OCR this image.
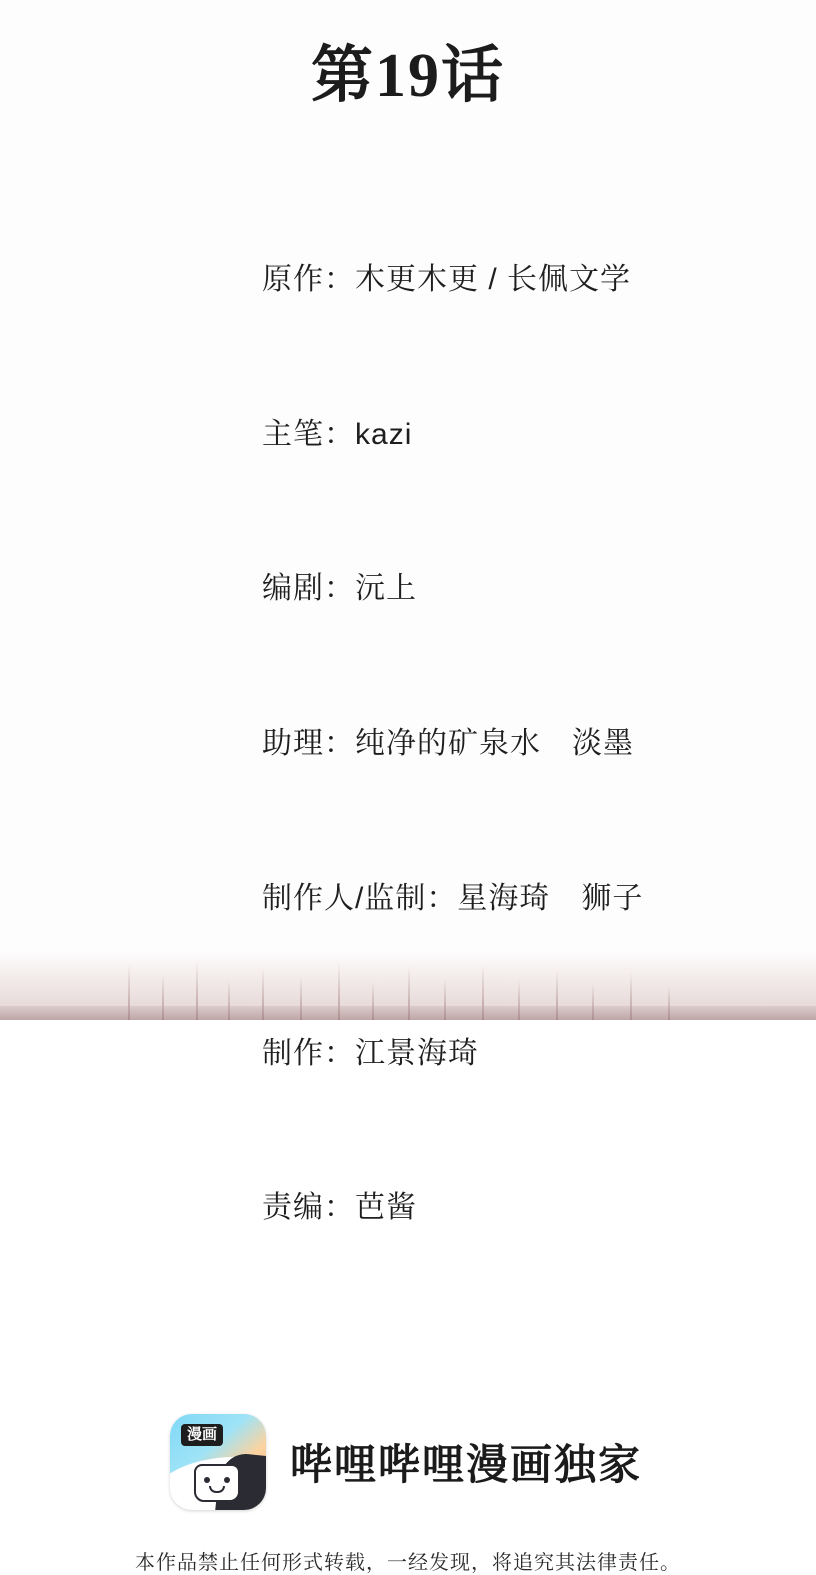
第19话

原作：木更木更 / 长佩文学

主笔：kazi

编剧：沅上

助理：纯净的矿泉水　淡墨

制作人/监制：星海琦　狮子

制作：江景海琦

责编：芭酱

漫画
哔哩哔哩漫画独家
本作品禁止任何形式转载，一经发现，将追究其法律责任。
